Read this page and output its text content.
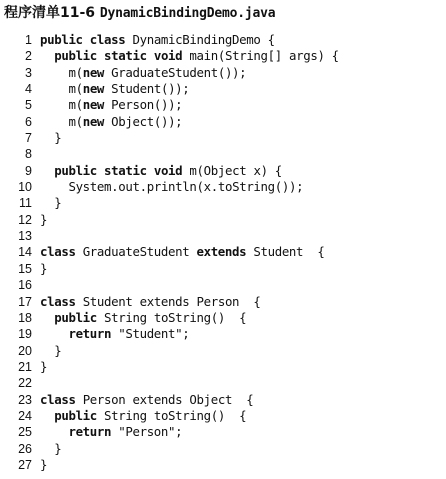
程序清单11-6 DynamicBindingDemo.java
1 public class DynamicBindingDemo {
2	public static void main(String[] args) {
3	m(new GraduateStudent());
4	m(new Student());
5	m(new Person());
6	m(new Object());
7 }
8
9	public static void m(Object x) {
10	System.out.println(x.toString());
11 }
12 }
13
14 class GraduateStudent extends Student  {
15 }
16
17 class Student extends Person  {
18	public String toString()  {
19	return "Student";
20 }
21 }
22
23 class Person extends Object  {
24	public String toString()  {
25	return "Person";
26 }
27 }
